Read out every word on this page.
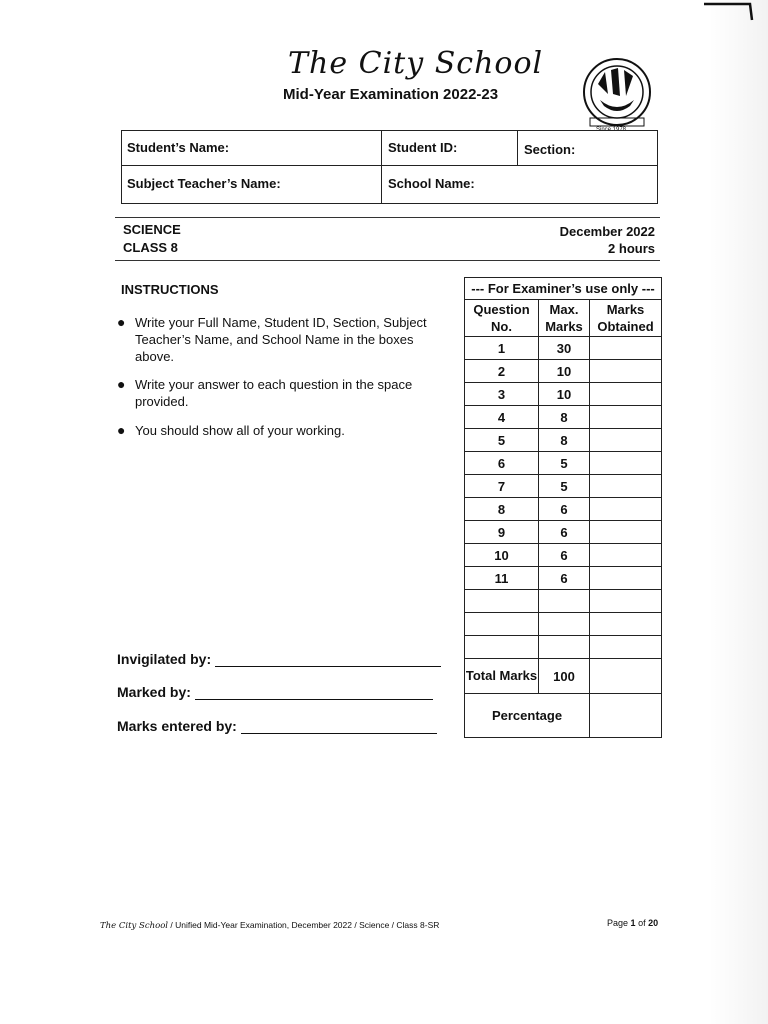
The City School
Mid-Year Examination 2022-23
Since 1978
Student’s Name:	Student ID:	Section:
Subject Teacher’s Name:	School Name:
SCIENCE
CLASS 8
December 2022
2 hours
INSTRUCTIONS
● Write your Full Name, Student ID, Section, Subject Teacher’s Name, and School Name in the boxes above.
● Write your answer to each question in the space provided.
● You should show all of your working.
Invigilated by:
Marked by:
Marks entered by:
--- For Examiner’s use only ---		
Question No.	Max. Marks	Marks Obtained
1	30	
2	10	
3	10	
4	8	
5	8	
6	5	
7	5	
8	6	
9	6	
10	6	
11	6	

Total Marks	100	
Percentage		
The City School / Unified Mid-Year Examination, December 2022 / Science / Class 8-SR	Page 1 of 20
